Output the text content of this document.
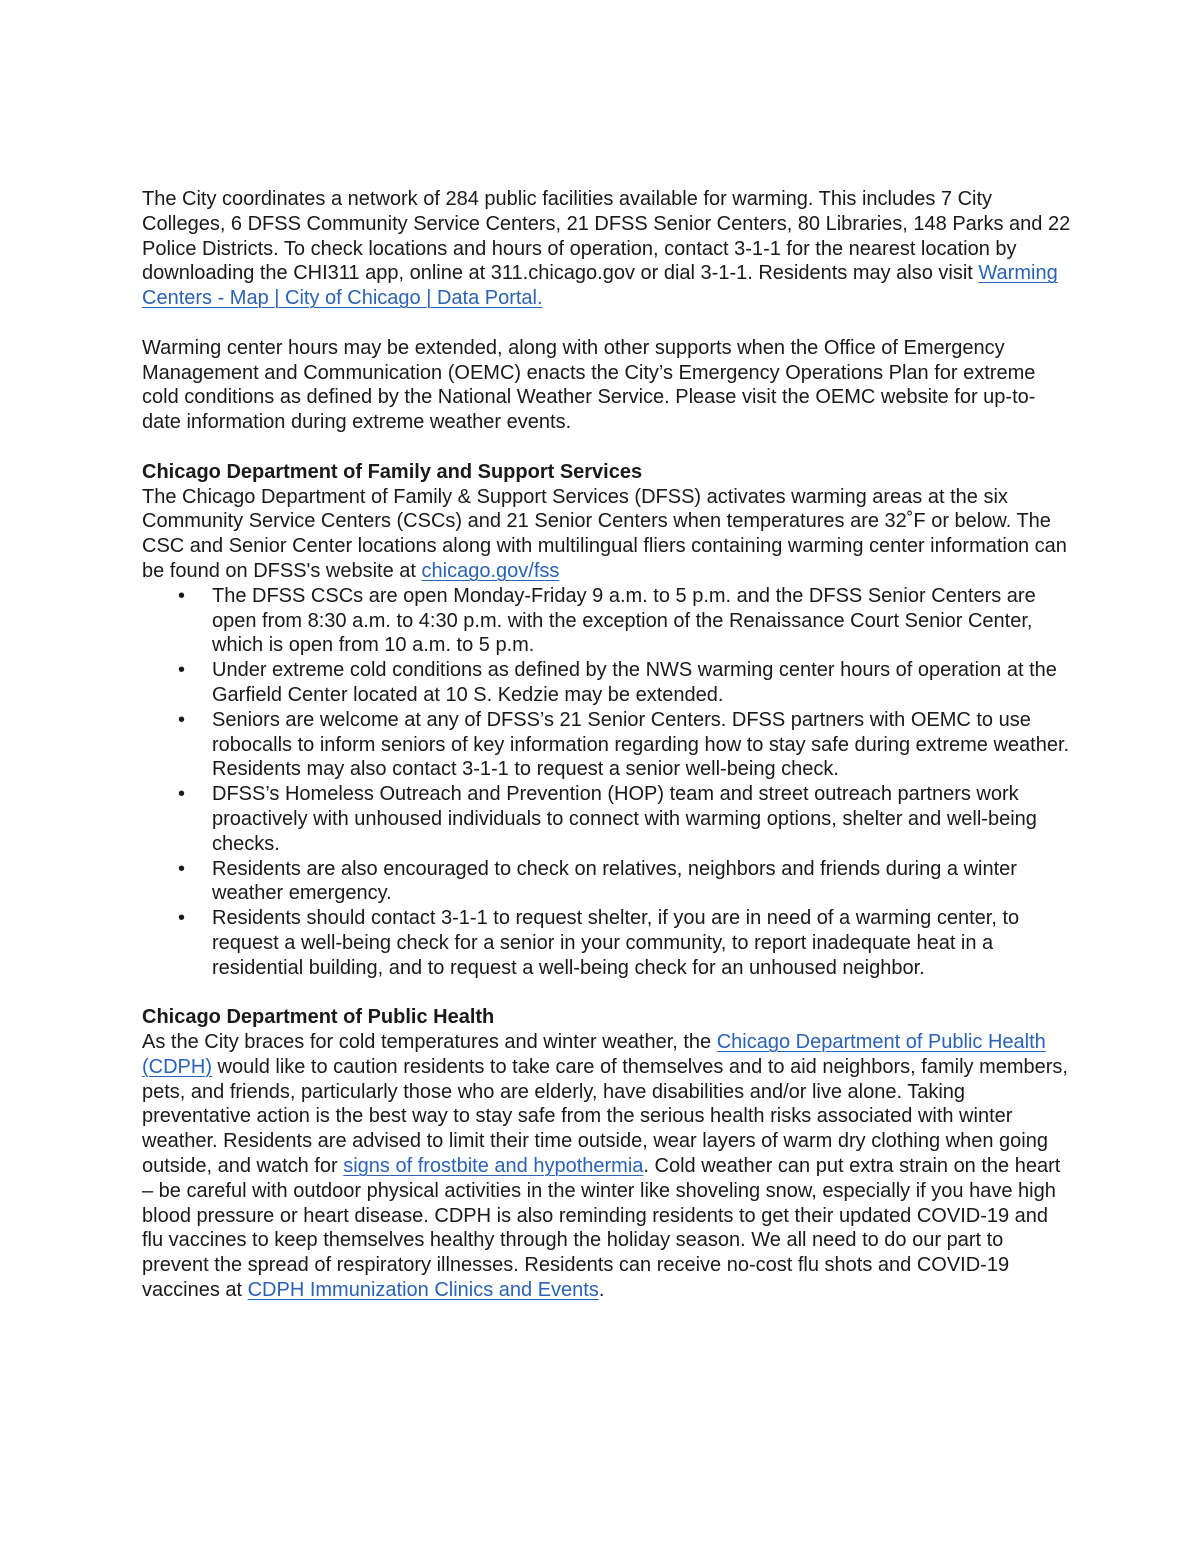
The City coordinates a network of 284 public facilities available for warming. This includes 7 City Colleges, 6 DFSS Community Service Centers, 21 DFSS Senior Centers, 80 Libraries, 148 Parks and 22 Police Districts. To check locations and hours of operation, contact 3-1-1 for the nearest location by downloading the CHI311 app, online at 311.chicago.gov or dial 3-1-1. Residents may also visit Warming Centers - Map | City of Chicago | Data Portal.

Warming center hours may be extended, along with other supports when the Office of Emergency Management and Communication (OEMC) enacts the City’s Emergency Operations Plan for extreme cold conditions as defined by the National Weather Service. Please visit the OEMC website for up-to-date information during extreme weather events.

Chicago Department of Family and Support Services

The Chicago Department of Family & Support Services (DFSS) activates warming areas at the six Community Service Centers (CSCs) and 21 Senior Centers when temperatures are 32˚F or below. The CSC and Senior Center locations along with multilingual fliers containing warming center information can be found on DFSS's website at chicago.gov/fss

• The DFSS CSCs are open Monday-Friday 9 a.m. to 5 p.m. and the DFSS Senior Centers are open from 8:30 a.m. to 4:30 p.m. with the exception of the Renaissance Court Senior Center, which is open from 10 a.m. to 5 p.m.
• Under extreme cold conditions as defined by the NWS warming center hours of operation at the Garfield Center located at 10 S. Kedzie may be extended.
• Seniors are welcome at any of DFSS’s 21 Senior Centers. DFSS partners with OEMC to use robocalls to inform seniors of key information regarding how to stay safe during extreme weather. Residents may also contact 3-1-1 to request a senior well-being check.
• DFSS’s Homeless Outreach and Prevention (HOP) team and street outreach partners work proactively with unhoused individuals to connect with warming options, shelter and well-being checks.
• Residents are also encouraged to check on relatives, neighbors and friends during a winter weather emergency.
• Residents should contact 3-1-1 to request shelter, if you are in need of a warming center, to request a well-being check for a senior in your community, to report inadequate heat in a residential building, and to request a well-being check for an unhoused neighbor.

Chicago Department of Public Health

As the City braces for cold temperatures and winter weather, the Chicago Department of Public Health (CDPH) would like to caution residents to take care of themselves and to aid neighbors, family members, pets, and friends, particularly those who are elderly, have disabilities and/or live alone. Taking preventative action is the best way to stay safe from the serious health risks associated with winter weather. Residents are advised to limit their time outside, wear layers of warm dry clothing when going outside, and watch for signs of frostbite and hypothermia. Cold weather can put extra strain on the heart – be careful with outdoor physical activities in the winter like shoveling snow, especially if you have high blood pressure or heart disease. CDPH is also reminding residents to get their updated COVID-19 and flu vaccines to keep themselves healthy through the holiday season. We all need to do our part to prevent the spread of respiratory illnesses. Residents can receive no-cost flu shots and COVID-19 vaccines at CDPH Immunization Clinics and Events.
